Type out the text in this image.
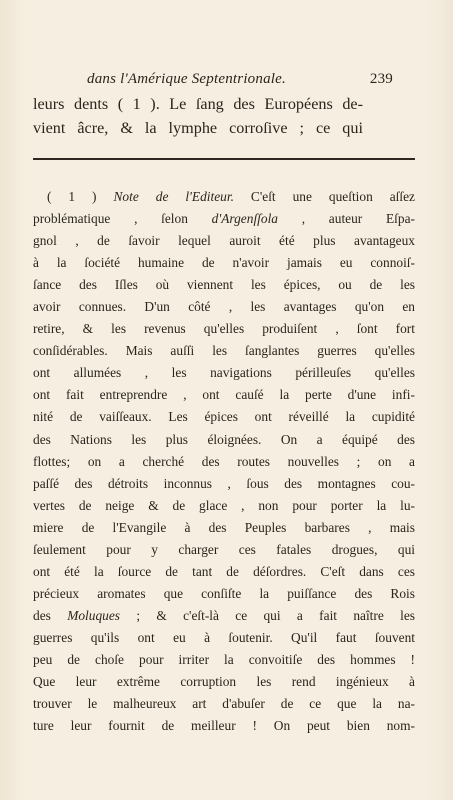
dans l'Amérique Septentrionale.	239
leurs dents ( 1 ). Le ſang des Européens de-
vient âcre, & la lymphe corroſive ; ce qui
( 1 ) Note de l'Editeur. C'eſt une queſtion aſſez
problématique , ſelon d'Argenſſola , auteur Eſpa-
gnol , de ſavoir lequel auroit été plus avantageux
à la ſociété humaine de n'avoir jamais eu connoiſ-
ſance des Iſles où viennent les épices, ou de les
avoir connues. D'un côté , les avantages qu'on en
retire, & les revenus qu'elles produiſent , ſont fort
conſidérables. Mais auſſi les ſanglantes guerres qu'elles
ont allumées , les navigations périlleuſes qu'elles
ont fait entreprendre , ont cauſé la perte d'une infi-
nité de vaiſſeaux. Les épices ont réveillé la cupidité
des Nations les plus éloignées. On a équipé des
flottes; on a cherché des routes nouvelles ; on a
paſſé des détroits inconnus , ſous des montagnes cou-
vertes de neige & de glace , non pour porter la lu-
miere de l'Evangile à des Peuples barbares , mais
ſeulement pour y charger ces fatales drogues, qui
ont été la ſource de tant de déſordres. C'eſt dans ces
précieux aromates que conſiſte la puiſſance des Rois
des Moluques ; & c'eſt-là ce qui a fait naître les
guerres qu'ils ont eu à ſoutenir. Qu'il faut ſouvent
peu de choſe pour irriter la convoitiſe des hommes !
Que leur extrême corruption les rend ingénieux à
trouver le malheureux art d'abuſer de ce que la na-
ture leur fournit de meilleur ! On peut bien nom-
